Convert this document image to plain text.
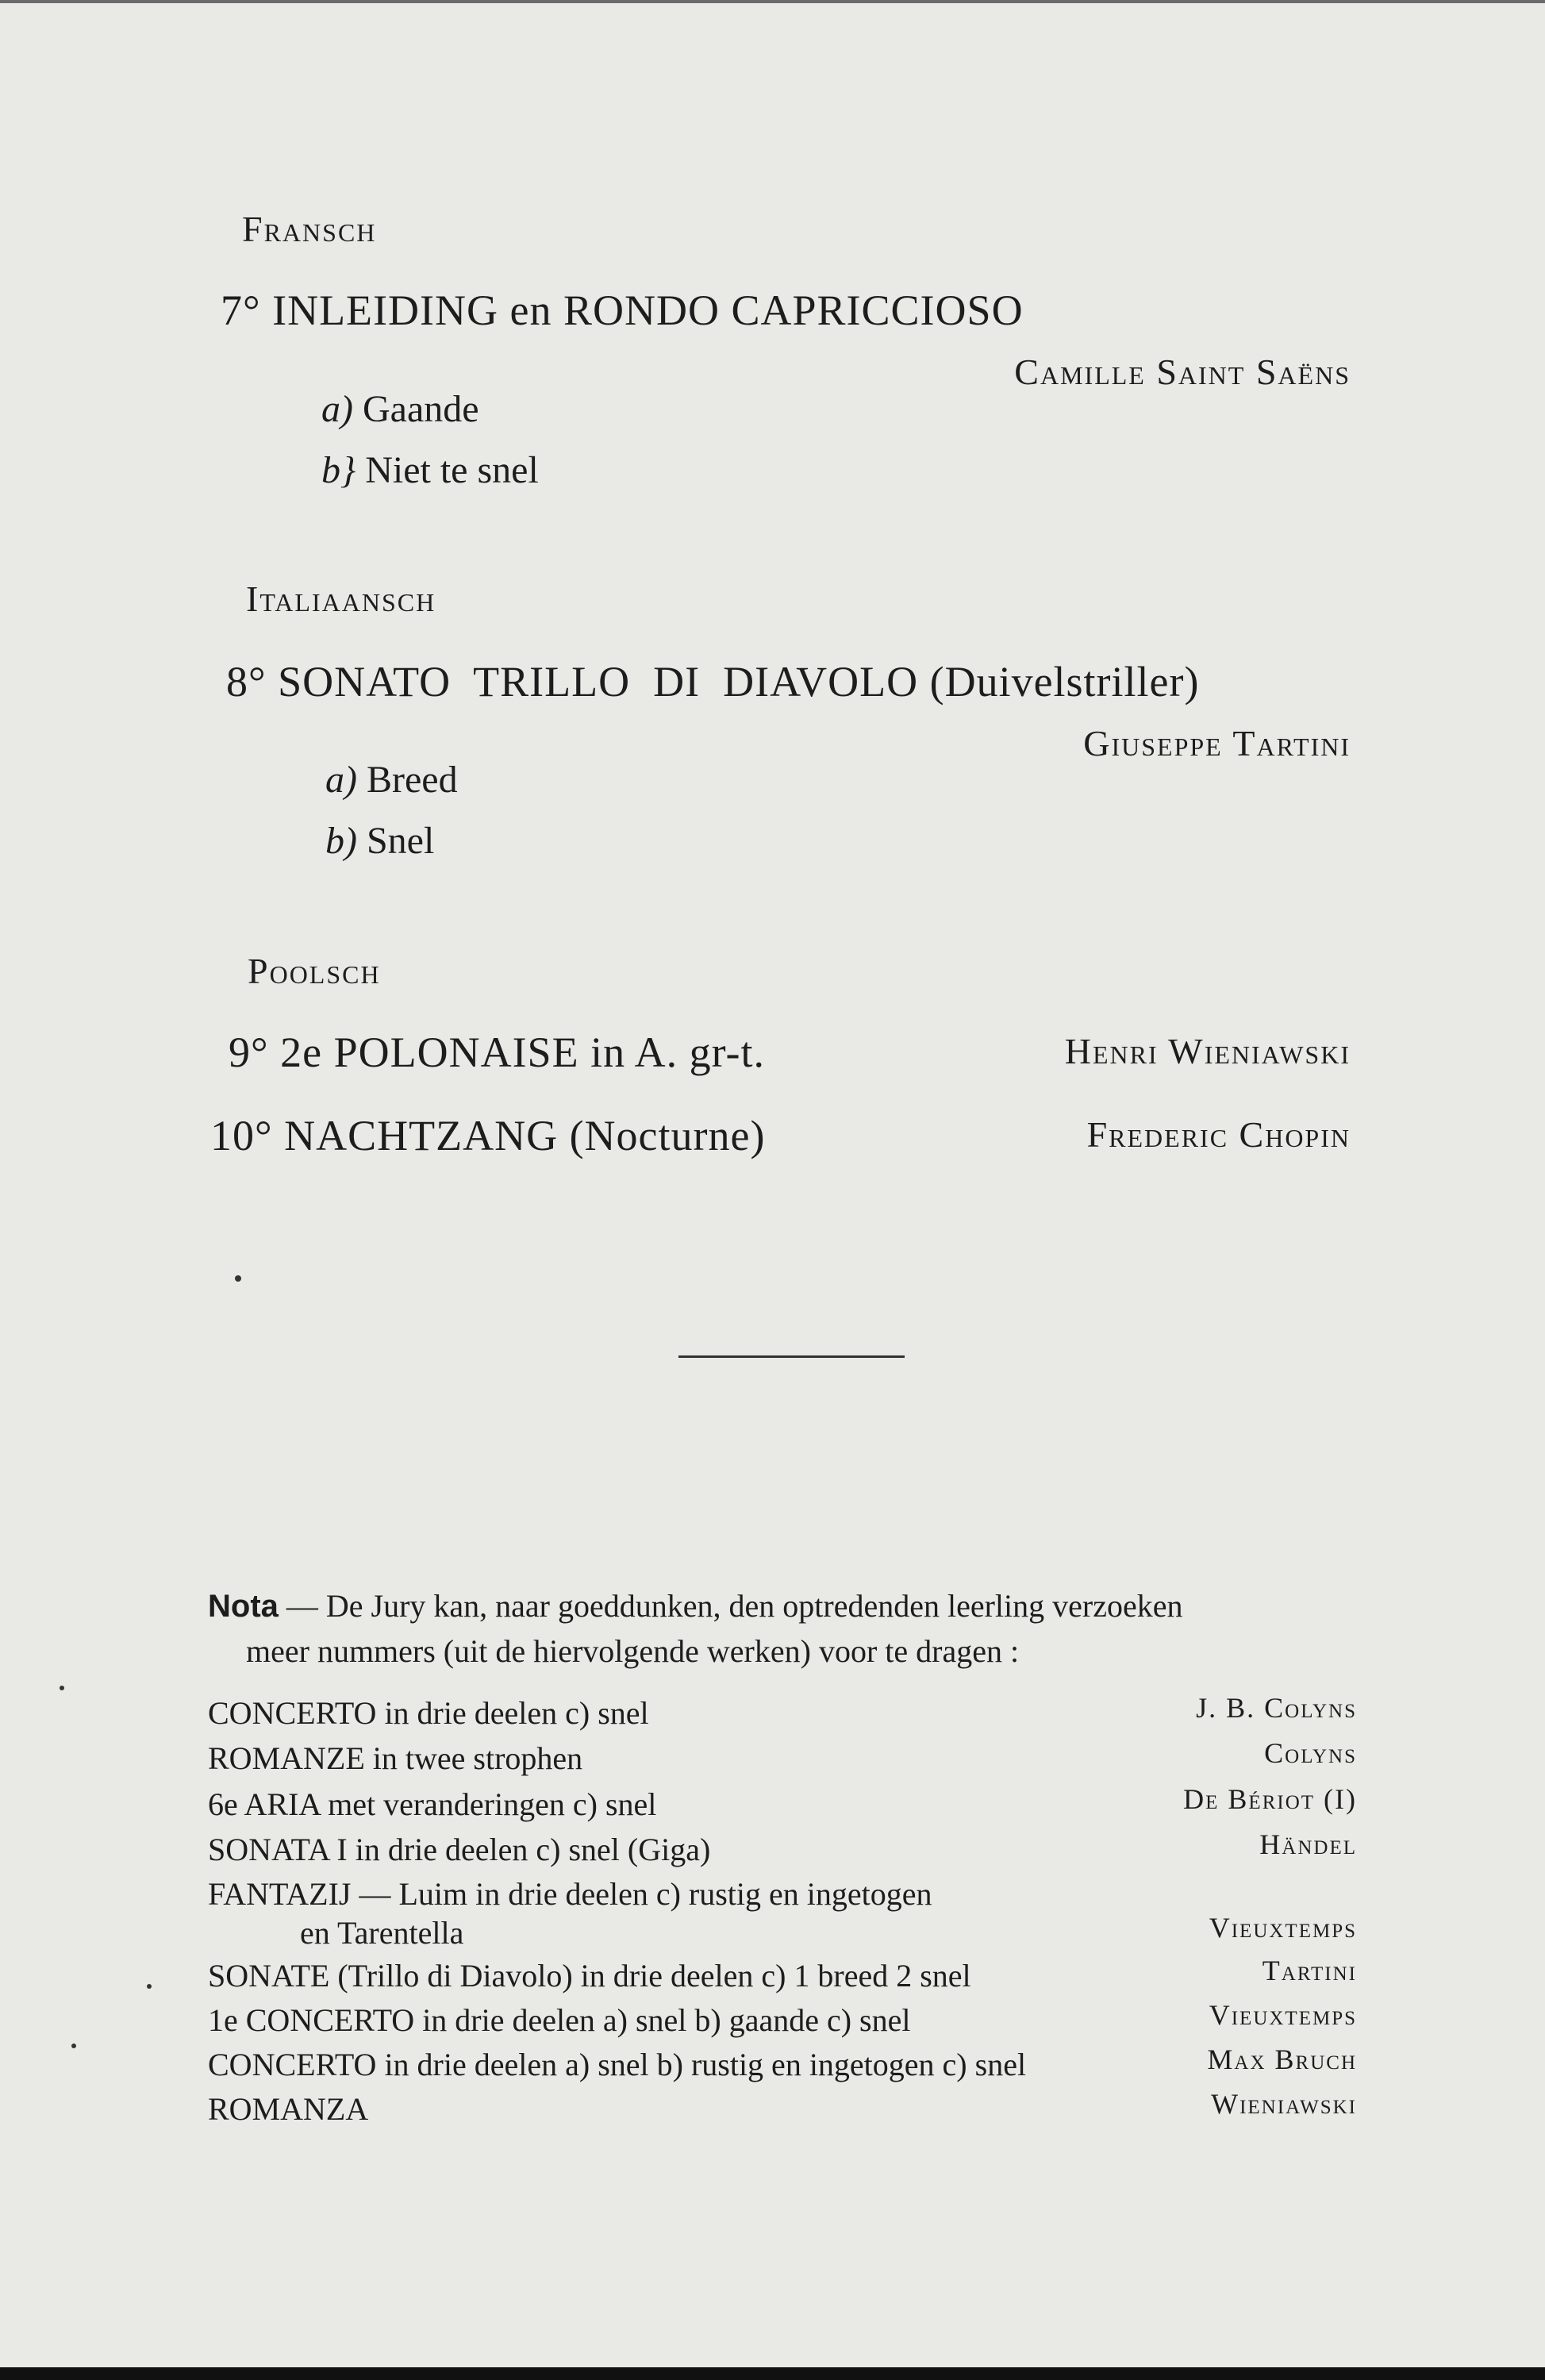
Fransch
7° INLEIDING en RONDO CAPRICCIOSO
Camille Saint Saëns
a) Gaande
b} Niet te snel
Italiaansch
8° SONATO  TRILLO  DI  DIAVOLO (Duivelstriller)
Giuseppe Tartini
a) Breed
b) Snel
Poolsch
9° 2e POLONAISE in A. gr-t.	Henri Wieniawski
10° NACHTZANG (Nocturne)	Frederic Chopin
Nota — De Jury kan, naar goeddunken, den optredenden leerling verzoeken
meer nummers (uit de hiervolgende werken) voor te dragen :
CONCERTO in drie deelen c) snel	J. B. Colyns
ROMANZE in twee strophen	Colyns
6e ARIA met veranderingen c) snel	De Bériot (I)
SONATA I in drie deelen c) snel (Giga)	Händel
FANTAZIJ — Luim in drie deelen c) rustig en ingetogen
en Tarentella	Vieuxtemps
SONATE (Trillo di Diavolo) in drie deelen c) 1 breed 2 snel	Tartini
1e CONCERTO in drie deelen a) snel b) gaande c) snel	Vieuxtemps
CONCERTO in drie deelen a) snel b) rustig en ingetogen c) snel	Max Bruch
ROMANZA	Wieniawski
